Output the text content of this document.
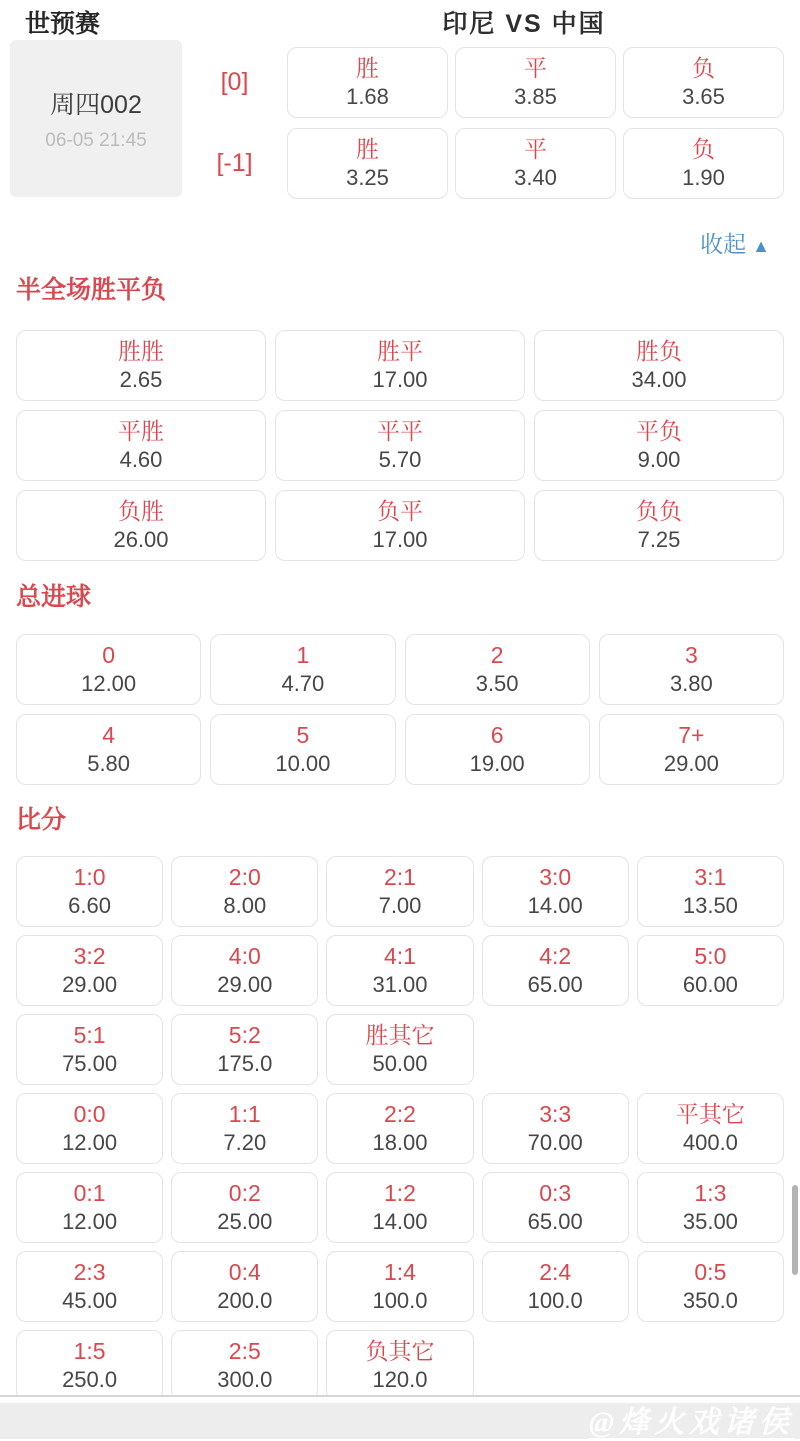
世预赛	印尼 VS 中国
周四002
06-05 21:45
[0]	胜
1.68
平
3.85
负
3.65
[-1]	胜
3.25
平
3.40
负
1.90
收起 ▲
半全场胜平负
胜胜
2.65
胜平
17.00
胜负
34.00
平胜
4.60
平平
5.70
平负
9.00
负胜
26.00
负平
17.00
负负
7.25
总进球
0
12.00
1
4.70
2
3.50
3
3.80
4
5.80
5
10.00
6
19.00
7+
29.00
比分
1:0
6.60
2:0
8.00
2:1
7.00
3:0
14.00
3:1
13.50
3:2
29.00
4:0
29.00
4:1
31.00
4:2
65.00
5:0
60.00
5:1
75.00
5:2
175.0
胜其它
50.00
0:0
12.00
1:1
7.20
2:2
18.00
3:3
70.00
平其它
400.0
0:1
12.00
0:2
25.00
1:2
14.00
0:3
65.00
1:3
35.00
2:3
45.00
0:4
200.0
1:4
100.0
2:4
100.0
0:5
350.0
1:5
250.0
2:5
300.0
负其它
120.0
@烽火戏诸侯
